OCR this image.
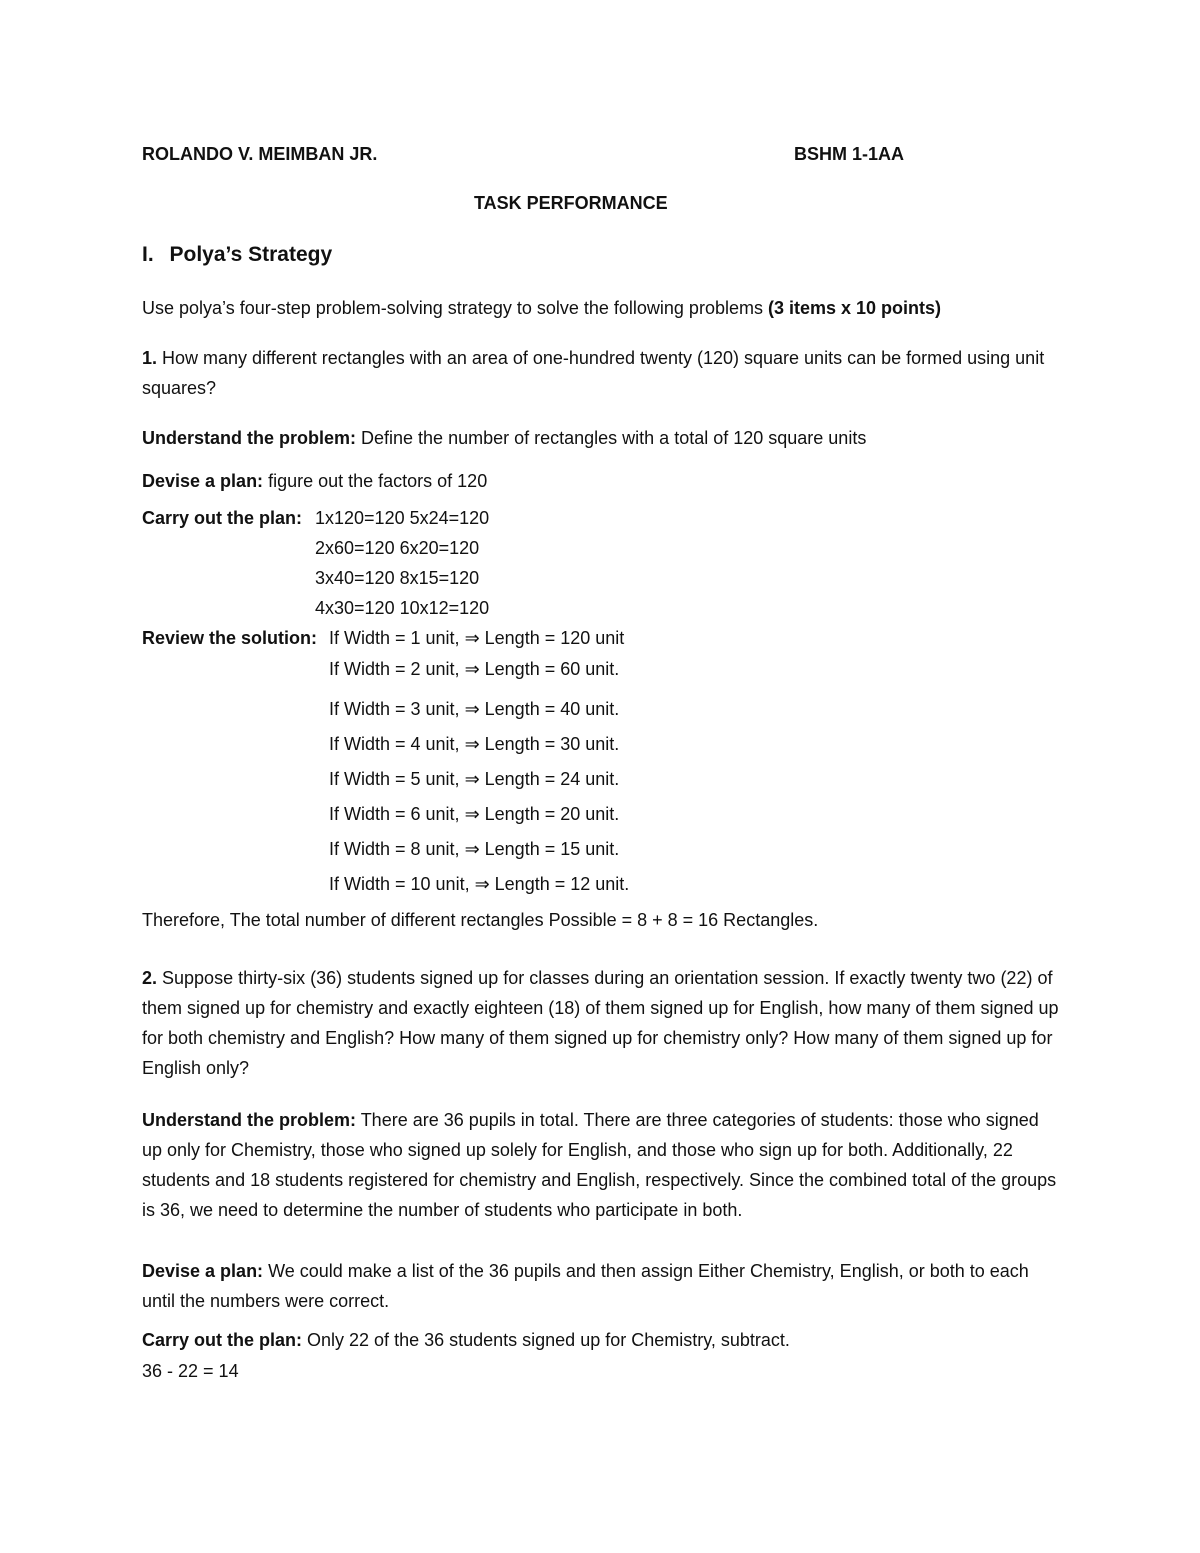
ROLANDO V. MEIMBAN JR.	BSHM 1-1AA
TASK PERFORMANCE
I. Polya’s Strategy
Use polya’s four-step problem-solving strategy to solve the following problems (3 items x 10 points)
1. How many different rectangles with an area of one-hundred twenty (120) square units can be formed using unit squares?
Understand the problem: Define the number of rectangles with a total of 120 square units
Devise a plan: figure out the factors of 120
Carry out the plan: 1x120=120 5x24=120
2x60=120 6x20=120
3x40=120 8x15=120
4x30=120 10x12=120
Review the solution: If Width = 1 unit, ⇒ Length = 120 unit
If Width = 2 unit, ⇒ Length = 60 unit.
If Width = 3 unit, ⇒ Length = 40 unit.
If Width = 4 unit, ⇒ Length = 30 unit.
If Width = 5 unit, ⇒ Length = 24 unit.
If Width = 6 unit, ⇒ Length = 20 unit.
If Width = 8 unit, ⇒ Length = 15 unit.
If Width = 10 unit, ⇒ Length = 12 unit.
Therefore, The total number of different rectangles Possible = 8 + 8 = 16 Rectangles.
2. Suppose thirty-six (36) students signed up for classes during an orientation session. If exactly twenty two (22) of them signed up for chemistry and exactly eighteen (18) of them signed up for English, how many of them signed up for both chemistry and English? How many of them signed up for chemistry only? How many of them signed up for English only?
Understand the problem: There are 36 pupils in total. There are three categories of students: those who signed up only for Chemistry, those who signed up solely for English, and those who sign up for both. Additionally, 22 students and 18 students registered for chemistry and English, respectively. Since the combined total of the groups is 36, we need to determine the number of students who participate in both.
Devise a plan: We could make a list of the 36 pupils and then assign Either Chemistry, English, or both to each until the numbers were correct.
Carry out the plan: Only 22 of the 36 students signed up for Chemistry, subtract.
36 - 22 = 14
